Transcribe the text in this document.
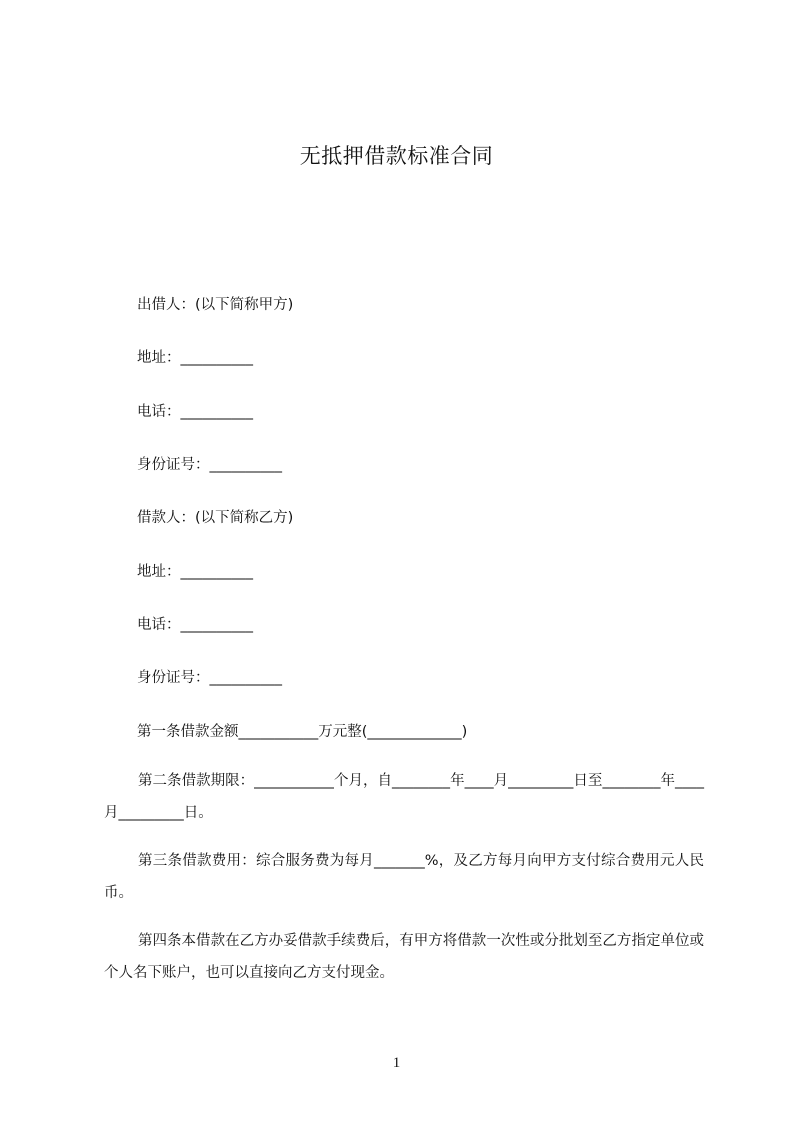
无抵押借款标准合同
出借人：(以下简称甲方)
地址：__________
电话：__________
身份证号：__________
借款人：(以下简称乙方)
地址：__________
电话：__________
身份证号：__________
第一条借款金额___________万元整(_____________)
第二条借款期限：___________个月，自________年____月_________日至________年____月_________日。
第三条借款费用：综合服务费为每月_______%，及乙方每月向甲方支付综合费用元人民币。
第四条本借款在乙方办妥借款手续费后，有甲方将借款一次性或分批划至乙方指定单位或个人名下账户，也可以直接向乙方支付现金。
1
